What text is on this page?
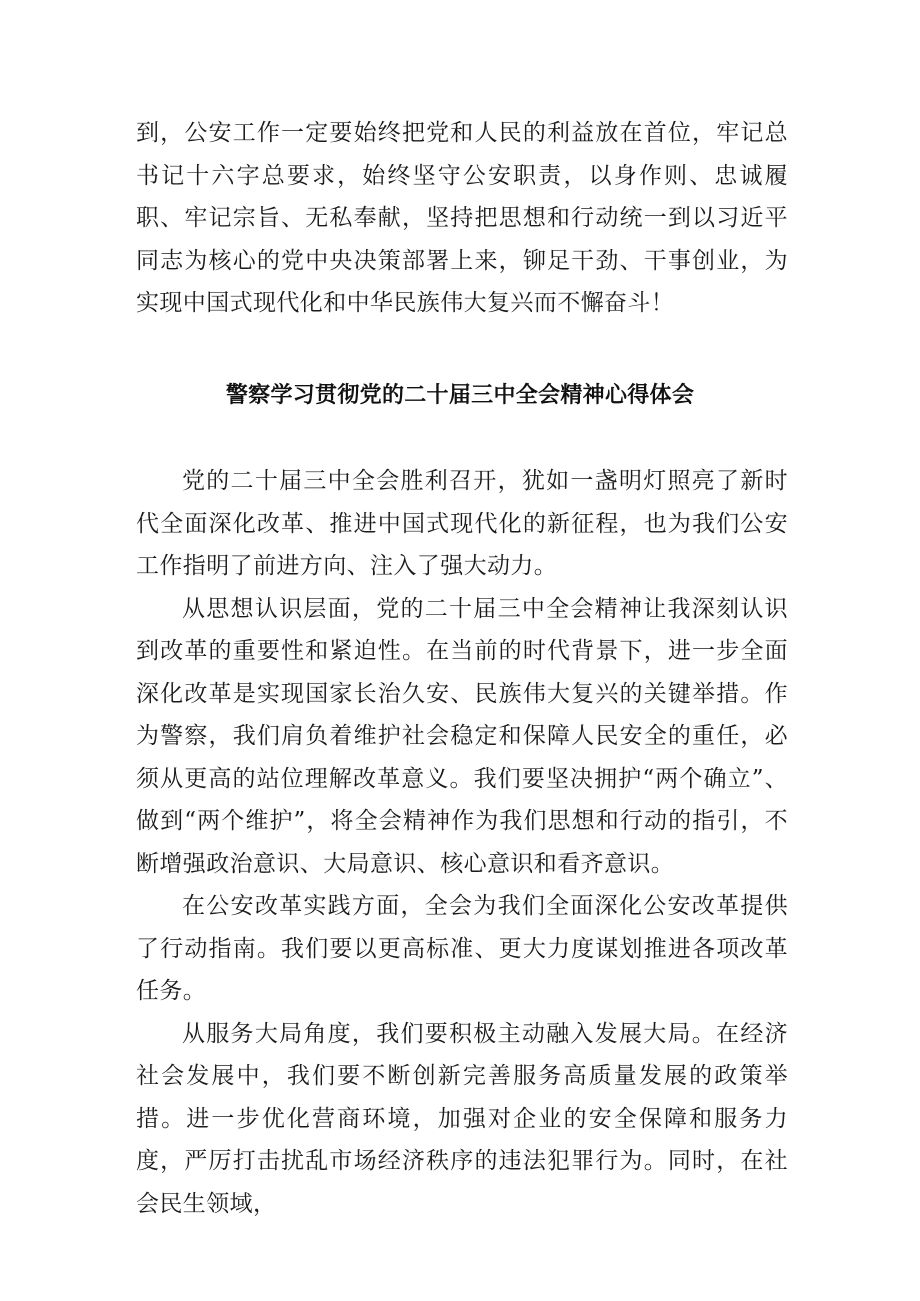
到，公安工作一定要始终把党和人民的利益放在首位，牢记总书记十六字总要求，始终坚守公安职责，以身作则、忠诚履职、牢记宗旨、无私奉献，坚持把思想和行动统一到以习近平同志为核心的党中央决策部署上来，铆足干劲、干事创业，为实现中国式现代化和中华民族伟大复兴而不懈奋斗！

警察学习贯彻党的二十届三中全会精神心得体会

党的二十届三中全会胜利召开，犹如一盏明灯照亮了新时代全面深化改革、推进中国式现代化的新征程，也为我们公安工作指明了前进方向、注入了强大动力。

从思想认识层面，党的二十届三中全会精神让我深刻认识到改革的重要性和紧迫性。在当前的时代背景下，进一步全面深化改革是实现国家长治久安、民族伟大复兴的关键举措。作为警察，我们肩负着维护社会稳定和保障人民安全的重任，必须从更高的站位理解改革意义。我们要坚决拥护“两个确立”、做到“两个维护”，将全会精神作为我们思想和行动的指引，不断增强政治意识、大局意识、核心意识和看齐意识。

在公安改革实践方面，全会为我们全面深化公安改革提供了行动指南。我们要以更高标准、更大力度谋划推进各项改革任务。

从服务大局角度，我们要积极主动融入发展大局。在经济社会发展中，我们要不断创新完善服务高质量发展的政策举措。进一步优化营商环境，加强对企业的安全保障和服务力度，严厉打击扰乱市场经济秩序的违法犯罪行为。同时，在社会民生领域，
